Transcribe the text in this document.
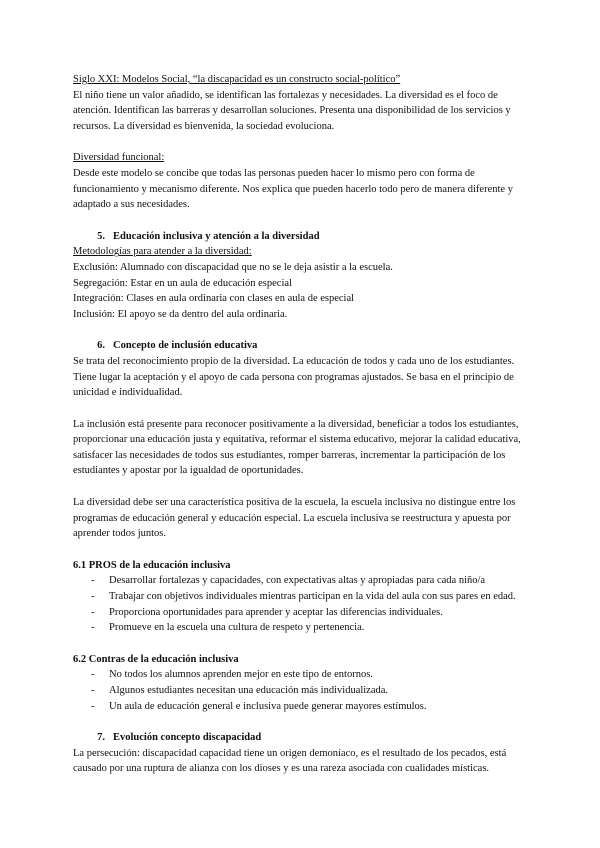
Siglo XXI: Modelos Social, “la discapacidad es un constructo social-político”
El niño tiene un valor añadido, se identifican las fortalezas y necesidades. La diversidad es el foco de atención. Identifican las barreras y desarrollan soluciones. Presenta una disponibilidad de los servicios y recursos. La diversidad es bienvenida, la sociedad evoluciona.

Diversidad funcional:
Desde este modelo se concibe que todas las personas pueden hacer lo mismo pero con forma de funcionamiento y mecanismo diferente. Nos explica que pueden hacerlo todo pero de manera diferente y adaptado a sus necesidades.

5. Educación inclusiva y atención a la diversidad

Metodologías para atender a la diversidad:

Exclusión: Alumnado con discapacidad que no se le deja asistir a la escuela.

Segregación: Estar en un aula de educación especial

Integración: Clases en aula ordinaria con clases en aula de especial

Inclusión: El apoyo se da dentro del aula ordinaria.

6. Concepto de inclusión educativa

Se trata del reconocimiento propio de la diversidad. La educación de todos y cada uno de los estudiantes. Tiene lugar la aceptación y el apoyo de cada persona con programas ajustados. Se basa en el principio de unicidad e individualidad.

La inclusión está presente para reconocer positivamente a la diversidad, beneficiar a todos los estudiantes, proporcionar una educación justa y equitativa, reformar el sistema educativo, mejorar la calidad educativa, satisfacer las necesidades de todos sus estudiantes, romper barreras, incrementar la participación de los estudiantes y apostar por la igualdad de oportunidades.

La diversidad debe ser una característica positiva de la escuela, la escuela inclusiva no distingue entre los programas de educación general y educación especial. La escuela inclusiva se reestructura y apuesta por aprender todos juntos.

6.1 PROS de la educación inclusiva

-	Desarrollar fortalezas y capacidades, con expectativas altas y apropiadas para cada niño/a
-	Trabajar con objetivos individuales mientras participan en la vida del aula con sus pares en edad.
-	Proporciona oportunidades para aprender y aceptar las diferencias individuales.
-	Promueve en la escuela una cultura de respeto y pertenencia.

6.2 Contras de la educación inclusiva

-	No todos los alumnos aprenden mejor en este tipo de entornos.
-	Algunos estudiantes necesitan una educación más individualizada.
-	Un aula de educación general e inclusiva puede generar mayores estímulos.

7. Evolución concepto discapacidad

La persecución: discapacidad capacidad tiene un origen demoníaco, es el resultado de los pecados, está causado por una ruptura de alianza con los dioses y es una rareza asociada con cualidades místicas.
